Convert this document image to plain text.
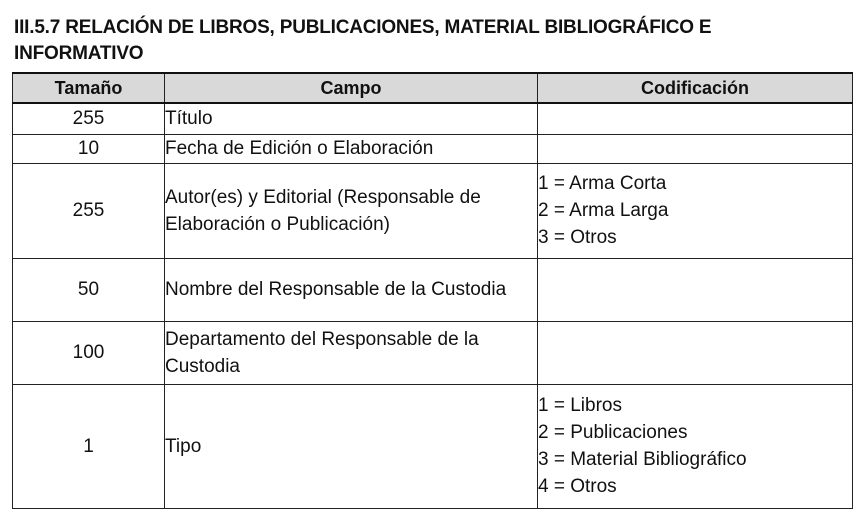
III.5.7 RELACIÓN DE LIBROS, PUBLICACIONES, MATERIAL BIBLIOGRÁFICO E INFORMATIVO
Tamaño	Campo	Codificación
255	Título	
10	Fecha de Edición o Elaboración	
255	Autor(es) y Editorial (Responsable de Elaboración o Publicación)	1 = Arma Corta
2 = Arma Larga
3 = Otros

50	Nombre del Responsable de la Custodia	
100	Departamento del Responsable de la Custodia	
1	Tipo	1 = Libros
2 = Publicaciones
3 = Material Bibliográfico
4 = Otros
